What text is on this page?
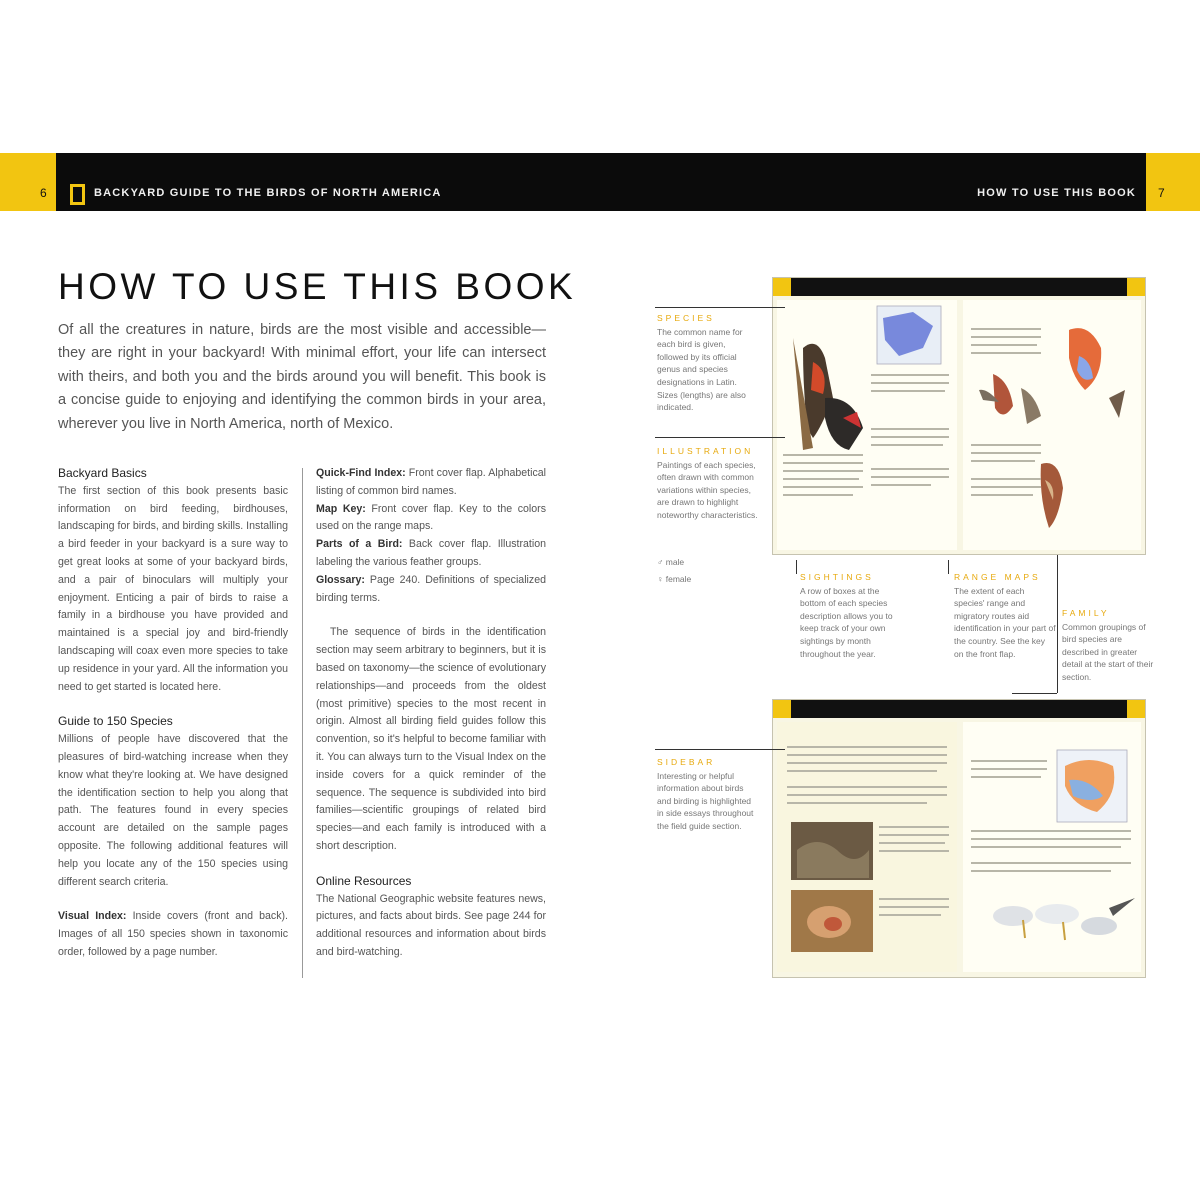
6	7
BACKYARD GUIDE TO THE BIRDS OF NORTH AMERICA	HOW TO USE THIS BOOK
HOW TO USE THIS BOOK

Of all the creatures in nature, birds are the most visible and accessible—they are right in your backyard! With minimal effort, your life can intersect with theirs, and both you and the birds around you will benefit. This book is a concise guide to enjoying and identifying the common birds in your area, wherever you live in North America, north of Mexico.

Backyard Basics

The first section of this book presents basic information on bird feeding, birdhouses, landscaping for birds, and birding skills. Installing a bird feeder in your backyard is a sure way to get great looks at some of your backyard birds, and a pair of binoculars will multiply your enjoyment. Enticing a pair of birds to raise a family in a birdhouse you have provided and maintained is a special joy and bird-friendly landscaping will coax even more species to take up residence in your yard. All the information you need to get started is located here.

Guide to 150 Species

Millions of people have discovered that the pleasures of bird-watching increase when they know what they're looking at. We have designed the identification section to help you along that path. The features found in every species account are detailed on the sample pages opposite. The following additional features will help you locate any of the 150 species using different search criteria.

Visual Index: Inside covers (front and back). Images of all 150 species shown in taxonomic order, followed by a page number.

Quick-Find Index: Front cover flap. Alphabetical listing of common bird names.

Map Key: Front cover flap. Key to the colors used on the range maps.

Parts of a Bird: Back cover flap. Illustration labeling the various feather groups.

Glossary: Page 240. Definitions of specialized birding terms.

The sequence of birds in the identification section may seem arbitrary to beginners, but it is based on taxonomy—the science of evolutionary relationships—and proceeds from the oldest (most primitive) species to the most recent in origin. Almost all birding field guides follow this convention, so it's helpful to become familiar with it. You can always turn to the Visual Index on the inside covers for a quick reminder of the sequence. The sequence is subdivided into bird families—scientific groupings of related bird species—and each family is introduced with a short description.

Online Resources

The National Geographic website features news, pictures, and facts about birds. See page 244 for additional resources and information about birds and bird-watching.

SPECIES
The common name for each bird is given, followed by its official genus and species designations in Latin. Sizes (lengths) are also indicated.
ILLUSTRATION
Paintings of each species, often drawn with common variations within species, are drawn to highlight noteworthy characteristics.
♂ male
♀ female	SIGHTINGS
A row of boxes at the bottom of each species description allows you to keep track of your own sightings by month throughout the year.
RANGE MAPS
The extent of each species' range and migratory routes aid identification in your part of the country. See the key on the front flap.
FAMILY
Common groupings of bird species are described in greater detail at the start of their section.
SIDEBAR
Interesting or helpful information about birds and birding is highlighted in side essays throughout the field guide section.
